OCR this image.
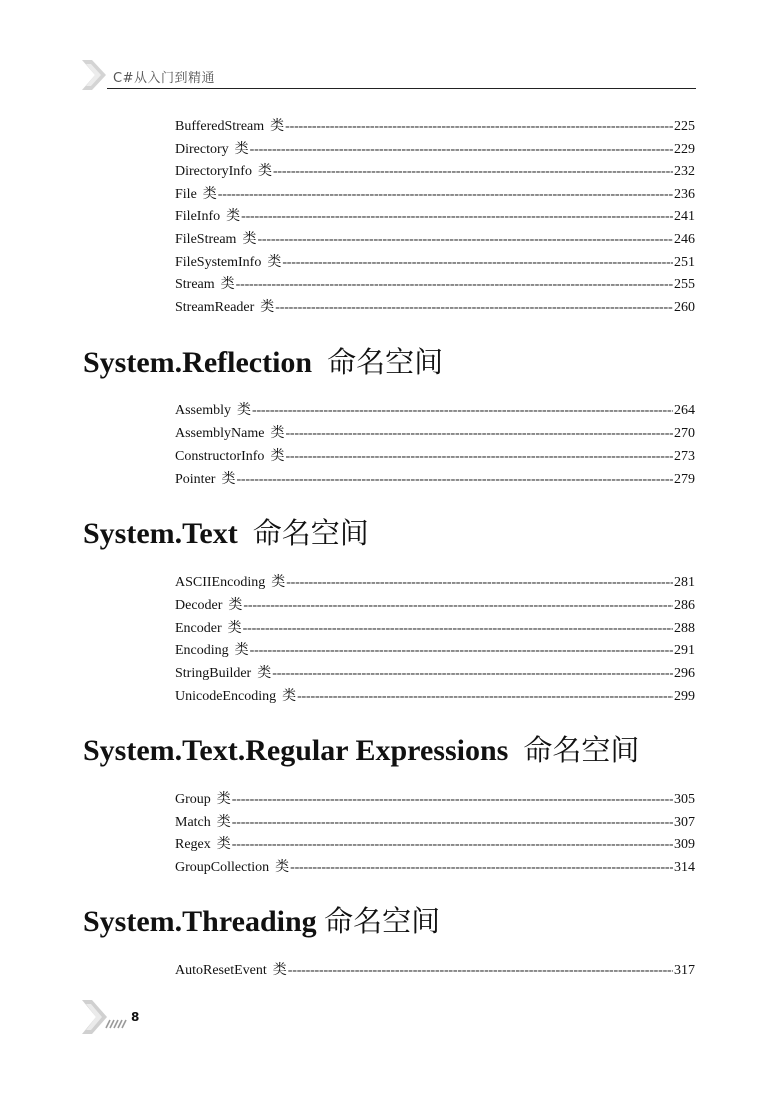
C#从入门到精通
BufferedStream 类 -----	225
Directory 类 -----	229
DirectoryInfo 类 -----	232
File 类 -----	236
FileInfo 类 -----	241
FileStream 类 -----	246
FileSystemInfo 类 -----	251
Stream 类 -----	255
StreamReader 类 -----	260
System.Reflection 命名空间
Assembly 类 -----	264
AssemblyName 类 -----	270
ConstructorInfo 类 -----	273
Pointer 类 -----	279
System.Text 命名空间
ASCIIEncoding 类 -----	281
Decoder 类 -----	286
Encoder 类 -----	288
Encoding 类 -----	291
StringBuilder 类 -----	296
UnicodeEncoding 类 -----	299
System.Text.Regular Expressions 命名空间
Group 类 -----	305
Match 类 -----	307
Regex 类 -----	309
GroupCollection 类 -----	314
System.Threading 命名空间
AutoResetEvent 类 -----	317
8
